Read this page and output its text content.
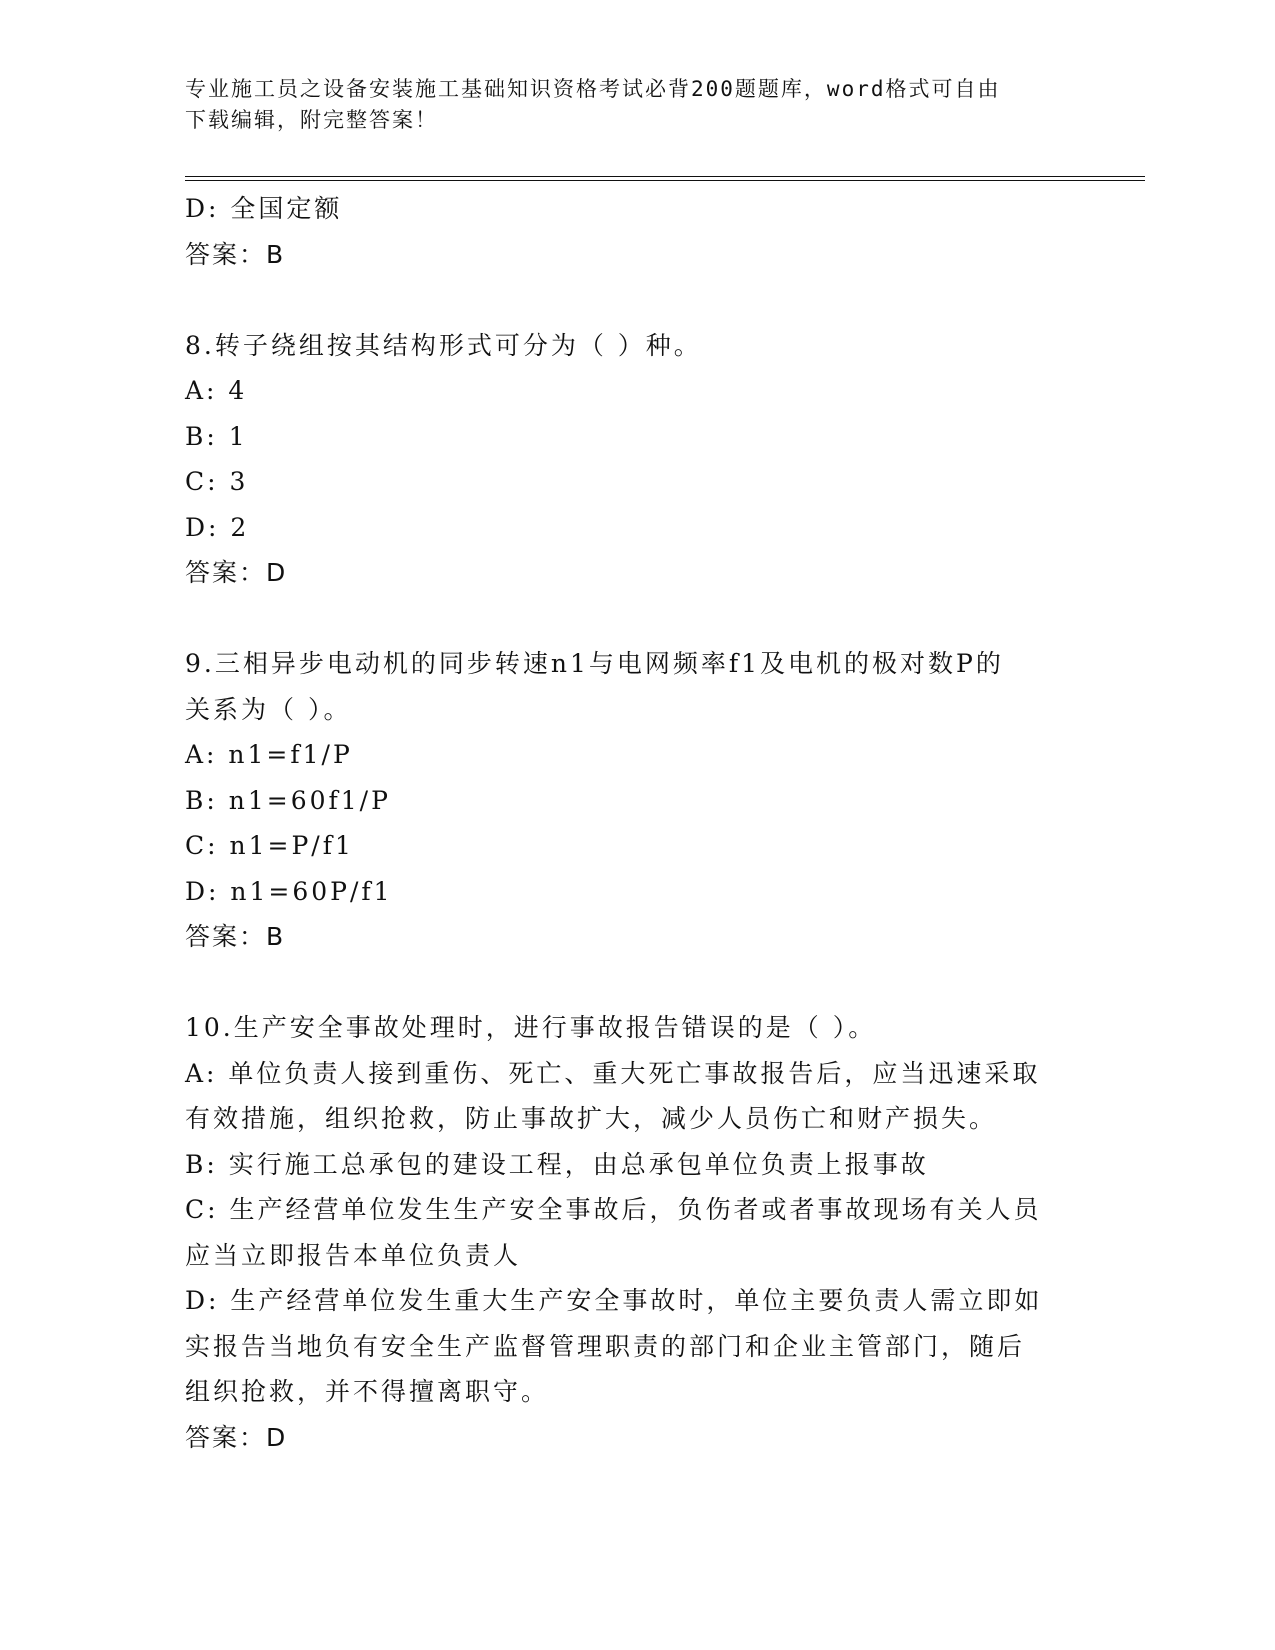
专业施工员之设备安装施工基础知识资格考试必背200题题库，word格式可自由
下载编辑，附完整答案！
D: 全国定额
答案：B
8.转子绕组按其结构形式可分为（ ）种。
A: 4
B: 1
C: 3
D: 2
答案：D
9.三相异步电动机的同步转速n1与电网频率f1及电机的极对数P的
关系为（ ）。
A: n1=f1/P
B: n1=60f1/P
C: n1=P/f1
D: n1=60P/f1
答案：B
10.生产安全事故处理时，进行事故报告错误的是（ ）。
A: 单位负责人接到重伤、死亡、重大死亡事故报告后，应当迅速采取
有效措施，组织抢救，防止事故扩大，减少人员伤亡和财产损失。
B: 实行施工总承包的建设工程，由总承包单位负责上报事故
C: 生产经营单位发生生产安全事故后，负伤者或者事故现场有关人员
应当立即报告本单位负责人
D: 生产经营单位发生重大生产安全事故时，单位主要负责人需立即如
实报告当地负有安全生产监督管理职责的部门和企业主管部门，随后
组织抢救，并不得擅离职守。
答案：D
